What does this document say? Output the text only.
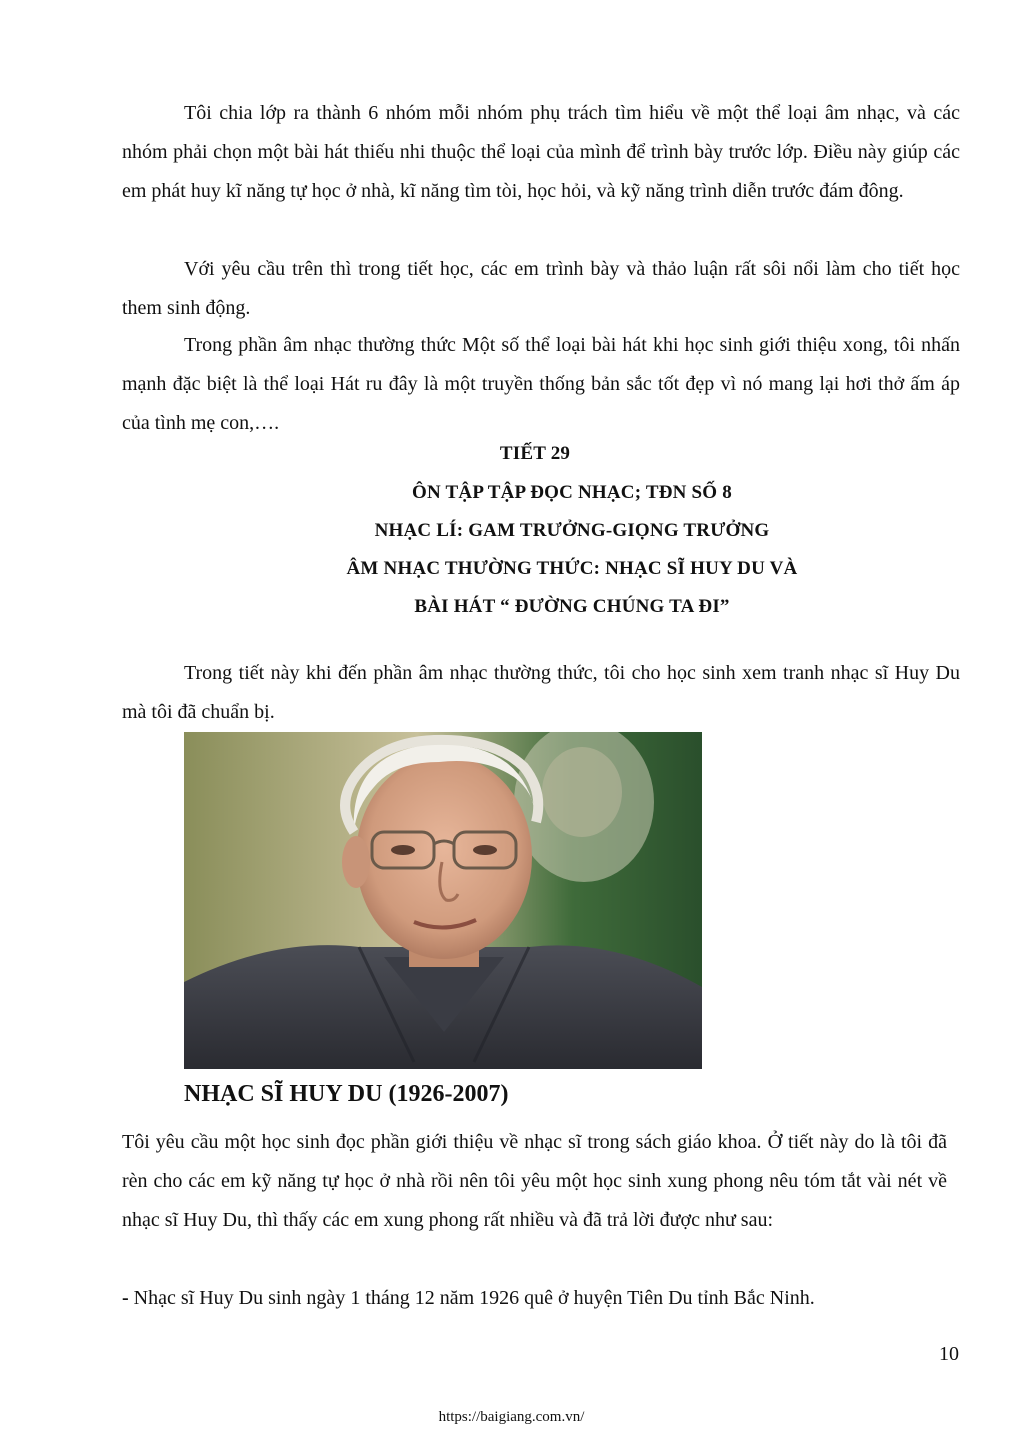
Tôi chia lớp ra thành 6 nhóm mỗi nhóm phụ trách tìm hiểu về một thể loại âm nhạc, và các nhóm phải chọn một bài hát thiếu nhi thuộc thể loại của mình để trình bày trước lớp. Điều này giúp các em phát huy kĩ năng tự học ở nhà, kĩ năng tìm tòi, học hỏi, và kỹ năng trình diễn trước đám đông.

Với yêu cầu trên thì trong tiết học, các em trình bày và thảo luận rất sôi nổi làm cho tiết học them sinh động.

Trong phần âm nhạc thường thức Một số thể loại bài hát khi học sinh giới thiệu xong, tôi nhấn mạnh đặc biệt là thể loại Hát ru đây là một truyền thống bản sắc tốt đẹp vì nó mang lại hơi thở ấm áp của tình mẹ con,….

TIẾT 29

ÔN TẬP TẬP ĐỌC NHẠC; TĐN SỐ 8

NHẠC LÍ: GAM TRƯỞNG-GIỌNG TRƯỞNG

ÂM NHẠC THƯỜNG THỨC: NHẠC SĨ HUY DU VÀ

BÀI HÁT “ ĐƯỜNG CHÚNG TA ĐI”

Trong tiết này khi đến phần âm nhạc thường thức, tôi cho học sinh xem tranh nhạc sĩ Huy Du mà tôi đã chuẩn bị.

NHẠC SĨ HUY DU (1926-2007)

Tôi yêu cầu một học sinh đọc phần giới thiệu về nhạc sĩ trong sách giáo khoa. Ở tiết này do là tôi đã rèn cho các em kỹ năng tự học ở nhà rồi nên tôi yêu một học sinh xung phong nêu tóm tắt vài nét về nhạc sĩ Huy Du, thì thấy các em xung phong rất nhiều và đã trả lời được như sau:

- Nhạc sĩ Huy Du sinh ngày 1 tháng 12 năm 1926 quê ở huyện Tiên Du tỉnh Bắc Ninh.

10
https://baigiang.com.vn/
